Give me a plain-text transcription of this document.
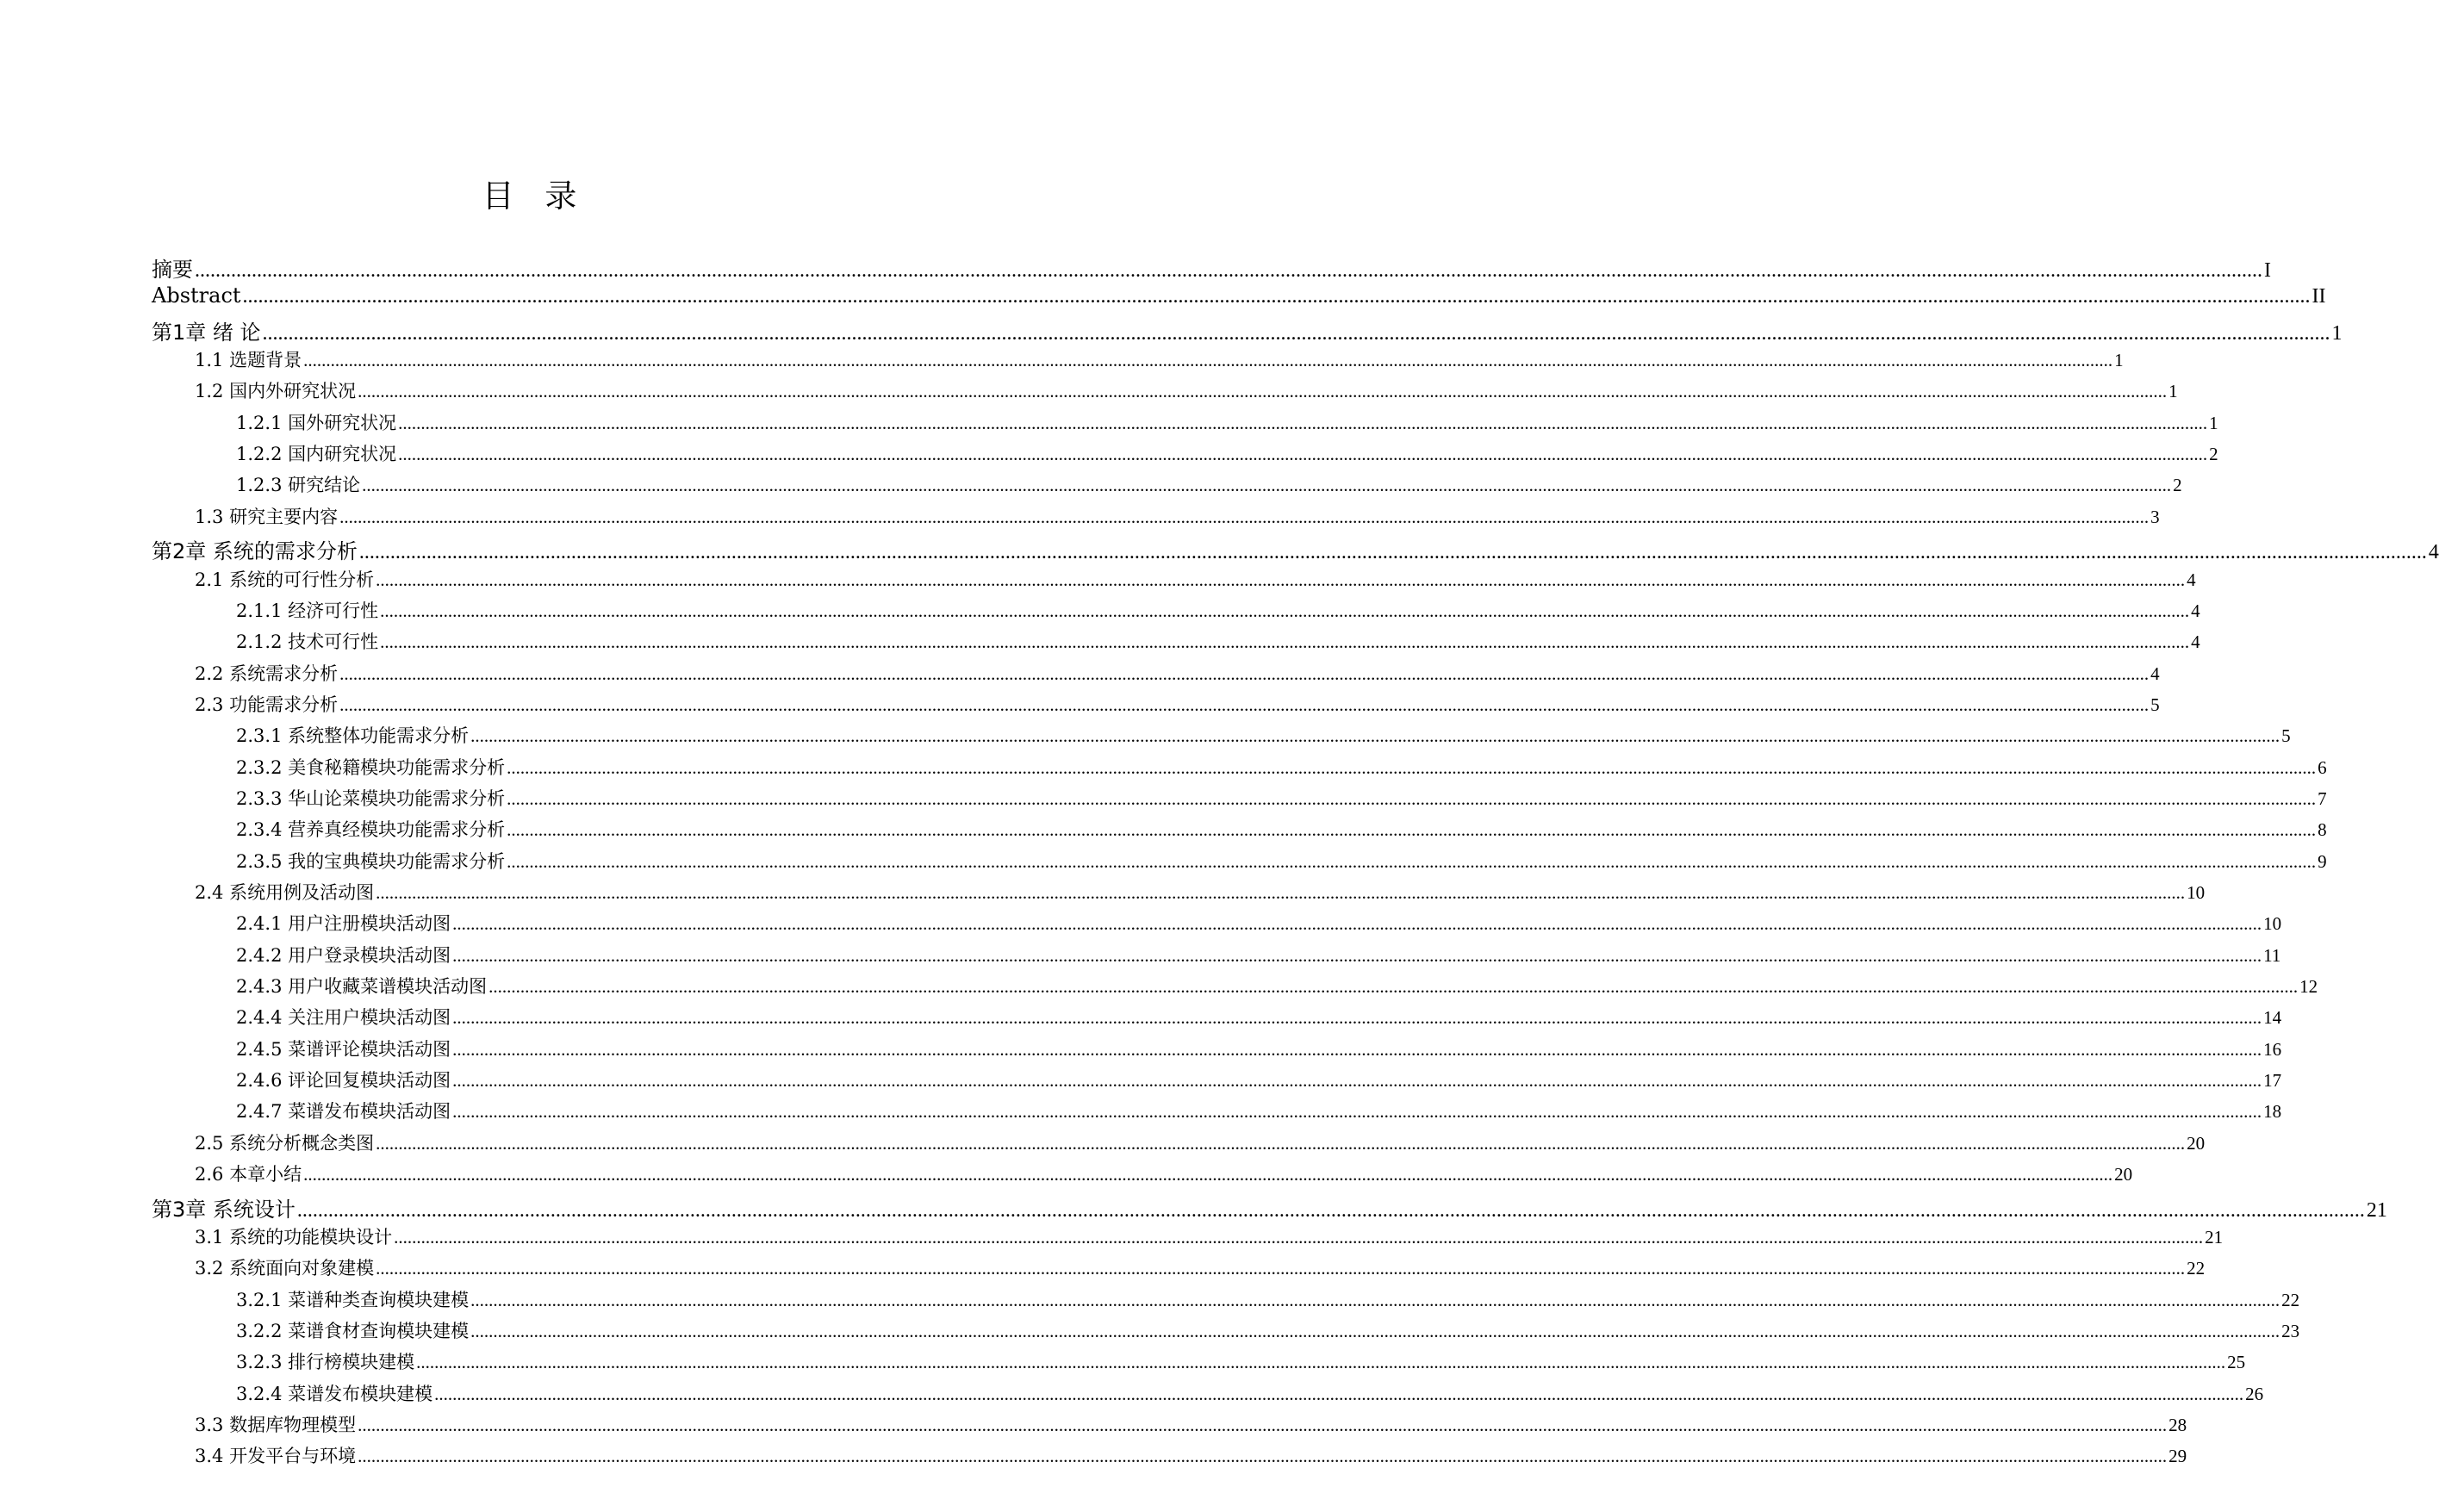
目 录
摘要 ................................................................................................................................................................................................................................................................................................................................................................................................................ I
Abstract ................................................................................................................................................................................................................................................................................................................................................................................................................ II
第1章 绪 论 ................................................................................................................................................................................................................................................................................................................................................................................................................ 1
1.1 选题背景 ................................................................................................................................................................................................................................................................................................................................................................................................................ 1
1.2 国内外研究状况 ................................................................................................................................................................................................................................................................................................................................................................................................................ 1
1.2.1 国外研究状况 ................................................................................................................................................................................................................................................................................................................................................................................................................ 1
1.2.2 国内研究状况 ................................................................................................................................................................................................................................................................................................................................................................................................................ 2
1.2.3 研究结论 ................................................................................................................................................................................................................................................................................................................................................................................................................ 2
1.3 研究主要内容 ................................................................................................................................................................................................................................................................................................................................................................................................................ 3
第2章 系统的需求分析 ................................................................................................................................................................................................................................................................................................................................................................................................................ 4
2.1 系统的可行性分析 ................................................................................................................................................................................................................................................................................................................................................................................................................ 4
2.1.1 经济可行性 ................................................................................................................................................................................................................................................................................................................................................................................................................ 4
2.1.2 技术可行性 ................................................................................................................................................................................................................................................................................................................................................................................................................ 4
2.2 系统需求分析 ................................................................................................................................................................................................................................................................................................................................................................................................................ 4
2.3 功能需求分析 ................................................................................................................................................................................................................................................................................................................................................................................................................ 5
2.3.1 系统整体功能需求分析 ................................................................................................................................................................................................................................................................................................................................................................................................................ 5
2.3.2 美食秘籍模块功能需求分析 ................................................................................................................................................................................................................................................................................................................................................................................................................ 6
2.3.3 华山论菜模块功能需求分析 ................................................................................................................................................................................................................................................................................................................................................................................................................ 7
2.3.4 营养真经模块功能需求分析 ................................................................................................................................................................................................................................................................................................................................................................................................................ 8
2.3.5 我的宝典模块功能需求分析 ................................................................................................................................................................................................................................................................................................................................................................................................................ 9
2.4 系统用例及活动图 ................................................................................................................................................................................................................................................................................................................................................................................................................ 10
2.4.1 用户注册模块活动图 ................................................................................................................................................................................................................................................................................................................................................................................................................ 10
2.4.2 用户登录模块活动图 ................................................................................................................................................................................................................................................................................................................................................................................................................ 11
2.4.3 用户收藏菜谱模块活动图 ................................................................................................................................................................................................................................................................................................................................................................................................................ 12
2.4.4 关注用户模块活动图 ................................................................................................................................................................................................................................................................................................................................................................................................................ 14
2.4.5 菜谱评论模块活动图 ................................................................................................................................................................................................................................................................................................................................................................................................................ 16
2.4.6 评论回复模块活动图 ................................................................................................................................................................................................................................................................................................................................................................................................................ 17
2.4.7 菜谱发布模块活动图 ................................................................................................................................................................................................................................................................................................................................................................................................................ 18
2.5 系统分析概念类图 ................................................................................................................................................................................................................................................................................................................................................................................................................ 20
2.6 本章小结 ................................................................................................................................................................................................................................................................................................................................................................................................................ 20
第3章 系统设计 ................................................................................................................................................................................................................................................................................................................................................................................................................ 21
3.1 系统的功能模块设计 ................................................................................................................................................................................................................................................................................................................................................................................................................ 21
3.2 系统面向对象建模 ................................................................................................................................................................................................................................................................................................................................................................................................................ 22
3.2.1 菜谱种类查询模块建模 ................................................................................................................................................................................................................................................................................................................................................................................................................ 22
3.2.2 菜谱食材查询模块建模 ................................................................................................................................................................................................................................................................................................................................................................................................................ 23
3.2.3 排行榜模块建模 ................................................................................................................................................................................................................................................................................................................................................................................................................ 25
3.2.4 菜谱发布模块建模 ................................................................................................................................................................................................................................................................................................................................................................................................................ 26
3.3 数据库物理模型 ................................................................................................................................................................................................................................................................................................................................................................................................................ 28
3.4 开发平台与环境 ................................................................................................................................................................................................................................................................................................................................................................................................................ 29
